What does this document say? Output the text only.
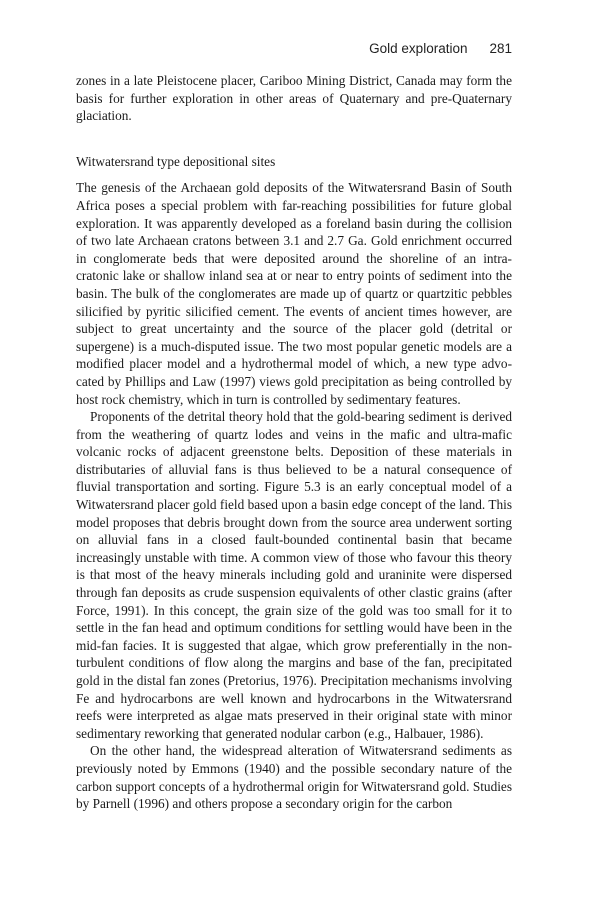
Gold exploration 281

zones in a late Pleistocene placer, Cariboo Mining District, Canada may form the basis for further exploration in other areas of Quaternary and pre-Quaternary glaciation.

Witwatersrand type depositional sites

The genesis of the Archaean gold deposits of the Witwatersrand Basin of South Africa poses a special problem with far-reaching possibilities for future global exploration. It was apparently developed as a foreland basin during the collision of two late Archaean cratons between 3.1 and 2.7 Ga. Gold enrichment occurred in conglomerate beds that were deposited around the shoreline of an intra-cratonic lake or shallow inland sea at or near to entry points of sediment into the basin. The bulk of the conglomerates are made up of quartz or quartzitic pebbles silicified by pyritic silicified cement. The events of ancient times however, are subject to great uncertainty and the source of the placer gold (detrital or supergene) is a much-disputed issue. The two most popular genetic models are a modified placer model and a hydrothermal model of which, a new type advo-cated by Phillips and Law (1997) views gold precipitation as being controlled by host rock chemistry, which in turn is controlled by sedimentary features.

Proponents of the detrital theory hold that the gold-bearing sediment is derived from the weathering of quartz lodes and veins in the mafic and ultra-mafic volcanic rocks of adjacent greenstone belts. Deposition of these materials in distributaries of alluvial fans is thus believed to be a natural consequence of fluvial transportation and sorting. Figure 5.3 is an early conceptual model of a Witwatersrand placer gold field based upon a basin edge concept of the land. This model proposes that debris brought down from the source area underwent sorting on alluvial fans in a closed fault-bounded continental basin that became increasingly unstable with time. A common view of those who favour this theory is that most of the heavy minerals including gold and uraninite were dispersed through fan deposits as crude suspension equivalents of other clastic grains (after Force, 1991). In this concept, the grain size of the gold was too small for it to settle in the fan head and optimum conditions for settling would have been in the mid-fan facies. It is suggested that algae, which grow preferentially in the non-turbulent conditions of flow along the margins and base of the fan, precipitated gold in the distal fan zones (Pretorius, 1976). Precipitation mechanisms involving Fe and hydrocarbons are well known and hydrocarbons in the Witwatersrand reefs were interpreted as algae mats preserved in their original state with minor sedimentary reworking that generated nodular carbon (e.g., Halbauer, 1986).

On the other hand, the widespread alteration of Witwatersrand sediments as previously noted by Emmons (1940) and the possible secondary nature of the carbon support concepts of a hydrothermal origin for Witwatersrand gold. Studies by Parnell (1996) and others propose a secondary origin for the carbon
